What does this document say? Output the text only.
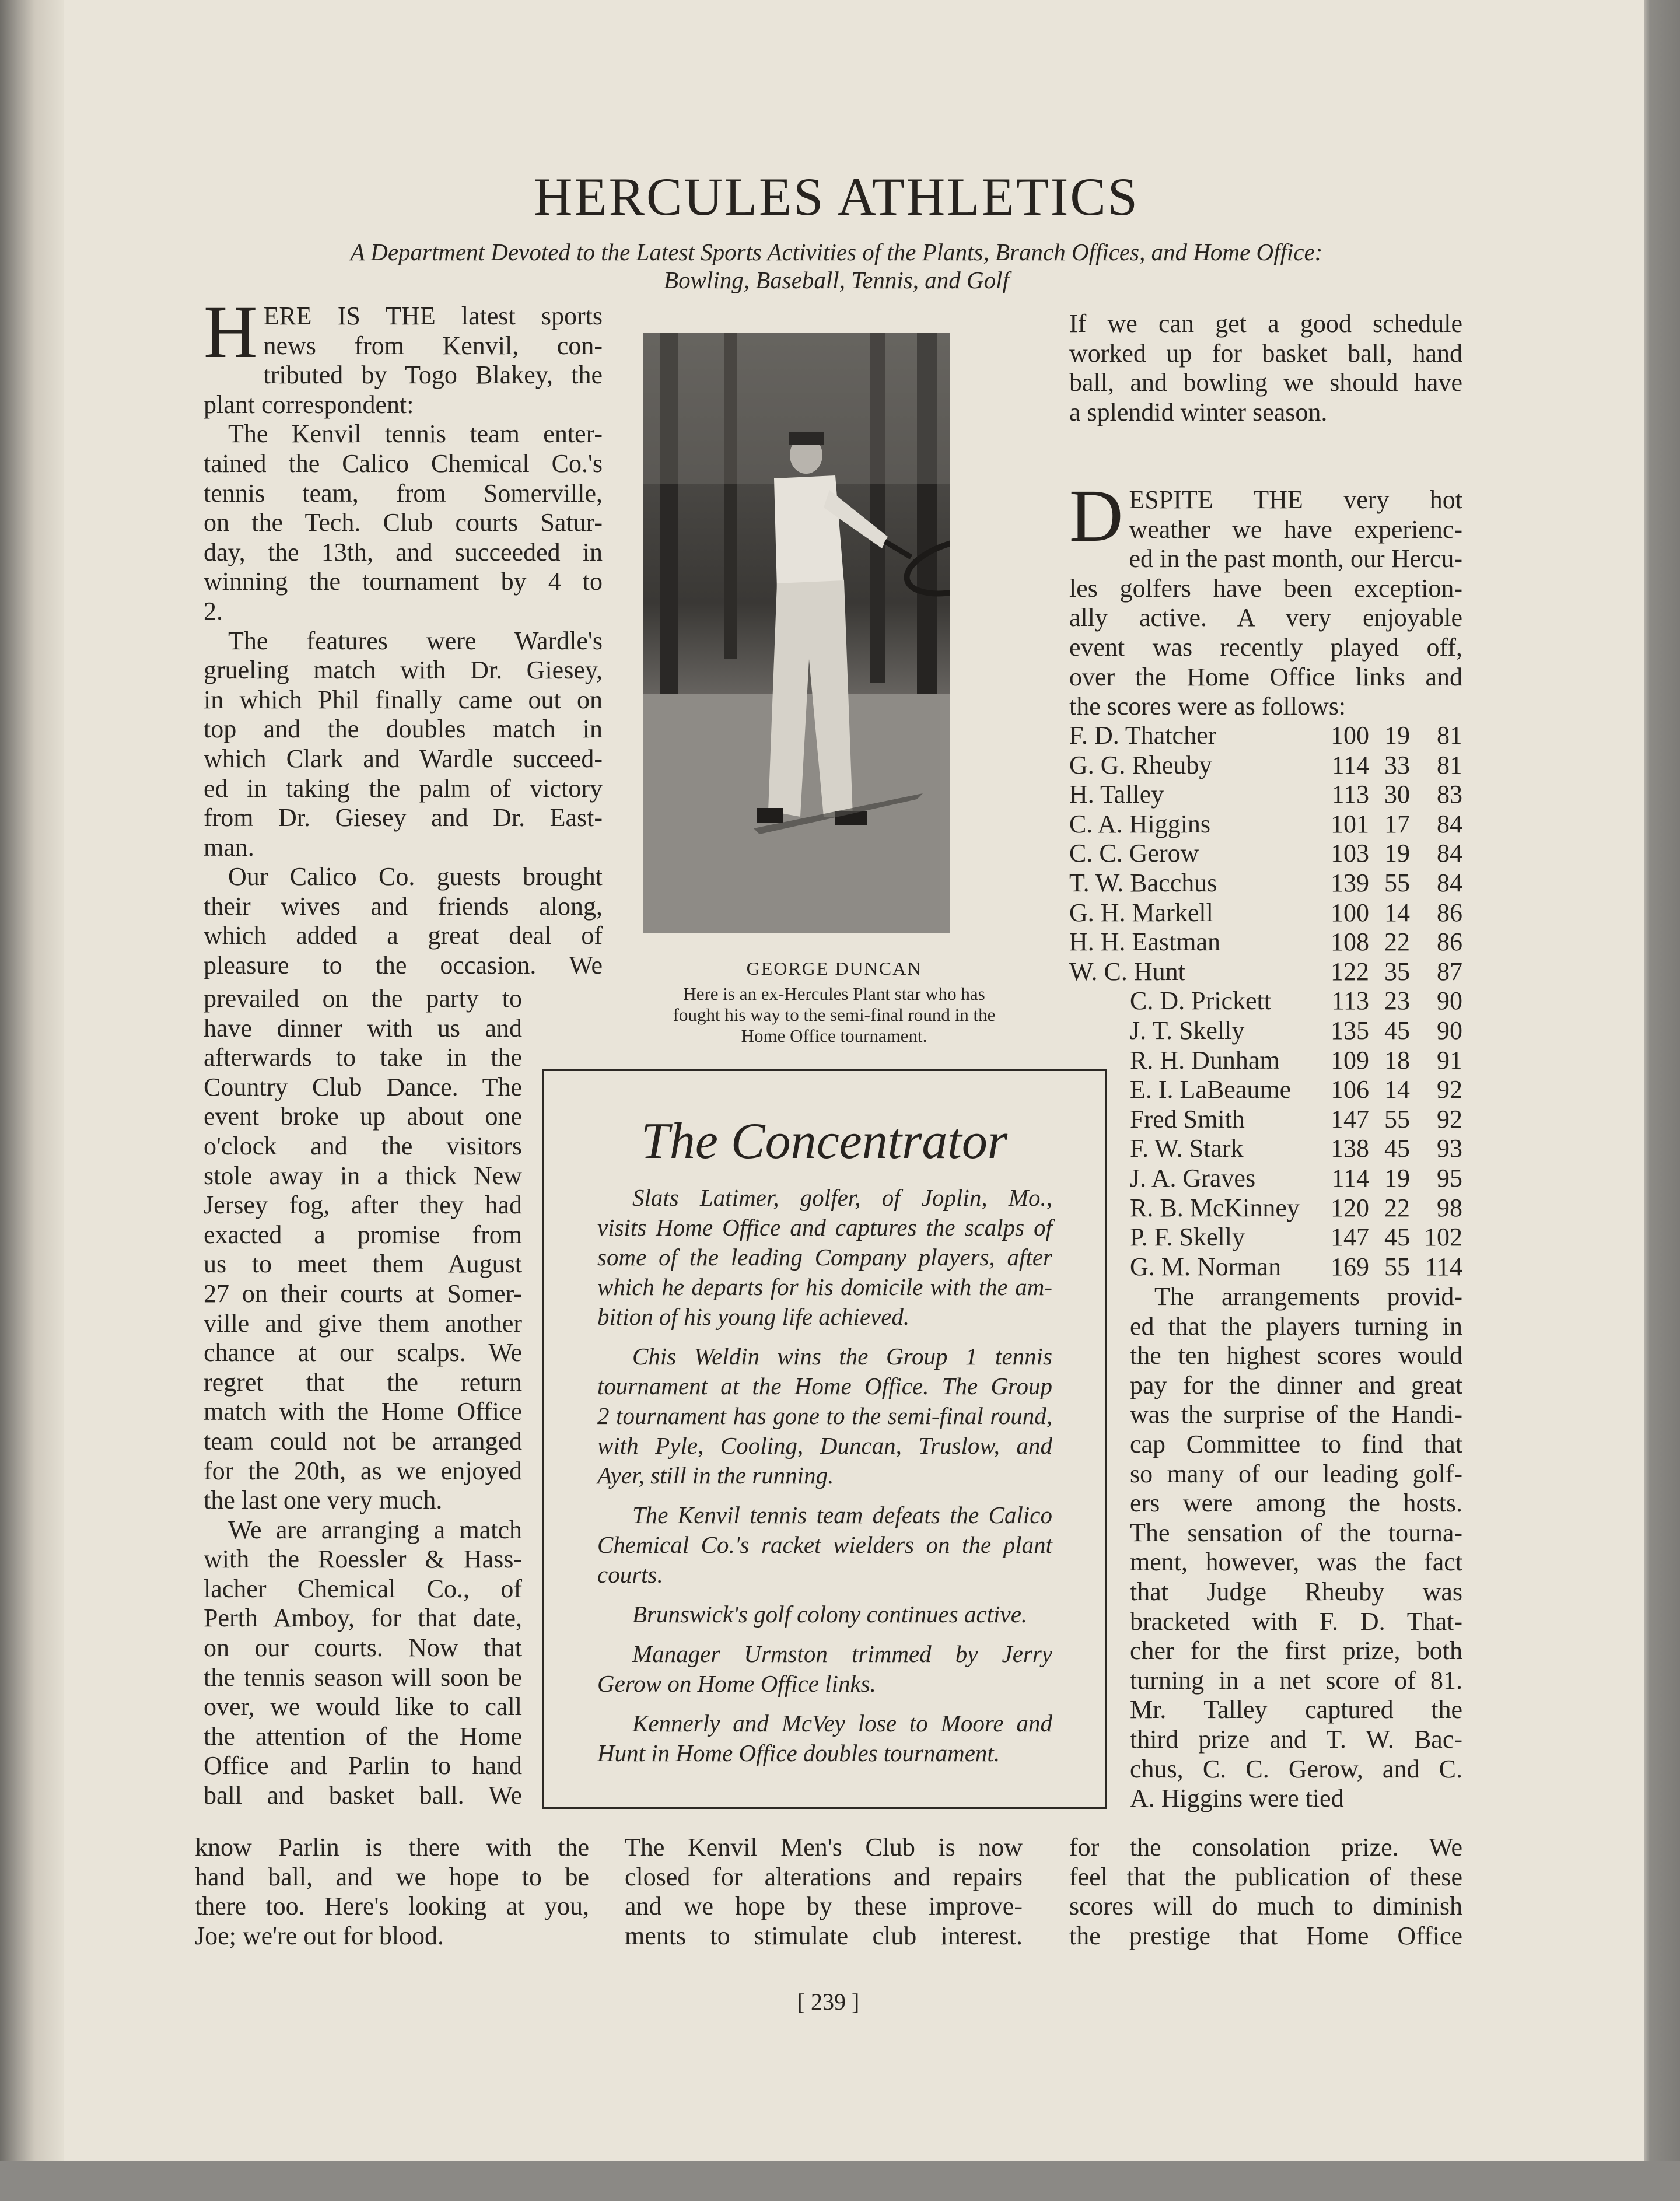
HERCULES ATHLETICS
A Department Devoted to the Latest Sports Activities of the Plants, Branch Offices, and Home Office:
Bowling, Baseball, Tennis, and Golf
H ERE IS THE latest sports
news from Kenvil, con-
tributed by Togo Blakey, the
plant correspondent:
The Kenvil tennis team enter-
tained the Calico Chemical Co.'s
tennis team, from Somerville,
on the Tech. Club courts Satur-
day, the 13th, and succeeded in
winning the tournament by 4 to
2.
The features were Wardle's
grueling match with Dr. Giesey,
in which Phil finally came out on
top and the doubles match in
which Clark and Wardle succeed-
ed in taking the palm of victory
from Dr. Giesey and Dr. East-
man.
Our Calico Co. guests brought
their wives and friends along,
which added a great deal of
pleasure to the occasion. We
prevailed on the party to
have dinner with us and
afterwards to take in the
Country Club Dance. The
event broke up about one
o'clock and the visitors
stole away in a thick New
Jersey fog, after they had
exacted a promise from
us to meet them August
27 on their courts at Somer-
ville and give them another
chance at our scalps. We
regret that the return
match with the Home Office
team could not be arranged
for the 20th, as we enjoyed
the last one very much.
We are arranging a match
with the Roessler & Hass-
lacher Chemical Co., of
Perth Amboy, for that date,
on our courts. Now that
the tennis season will soon be
over, we would like to call
the attention of the Home
Office and Parlin to hand
ball and basket ball. We
know Parlin is there with the
hand ball, and we hope to be
there too. Here's looking at you,
Joe; we're out for blood.
GEORGE DUNCAN
Here is an ex-Hercules Plant star who has
fought his way to the semi-final round in the
Home Office tournament.
The Concentrator
Slats Latimer, golfer, of Joplin, Mo.,
visits Home Office and captures the scalps of
some of the leading Company players, after
which he departs for his domicile with the am-
bition of his young life achieved.
Chis Weldin wins the Group 1 tennis
tournament at the Home Office. The Group
2 tournament has gone to the semi-final round,
with Pyle, Cooling, Duncan, Truslow, and
Ayer, still in the running.
The Kenvil tennis team defeats the Calico
Chemical Co.'s racket wielders on the plant
courts.
Brunswick's golf colony continues active.
Manager Urmston trimmed by Jerry
Gerow on Home Office links.
Kennerly and McVey lose to Moore and
Hunt in Home Office doubles tournament.
The Kenvil Men's Club is now
closed for alterations and repairs
and we hope by these improve-
ments to stimulate club interest.
If we can get a good schedule
worked up for basket ball, hand
ball, and bowling we should have
a splendid winter season.
D ESPITE THE very hot
weather we have experienc-
ed in the past month, our Hercu-
les golfers have been exception-
ally active. A very enjoyable
event was recently played off,
over the Home Office links and
the scores were as follows:
F. D. Thatcher	100 19	81
G. G. Rheuby	114 33	81
H. Talley	113 30	83
C. A. Higgins	101 17	84
C. C. Gerow	103 19	84
T. W. Bacchus	139 55	84
G. H. Markell	100 14	86
H. H. Eastman	108 22	86
W. C. Hunt	122 35	87
C. D. Prickett	113 23	90
J. T. Skelly	135 45	90
R. H. Dunham	109 18	91
E. I. LaBeaume	106 14	92
Fred Smith	147 55	92
F. W. Stark	138 45	93
J. A. Graves	114 19	95
R. B. McKinney	120 22	98
P. F. Skelly	147 45 102
G. M. Norman	169 55 114
The arrangements provid-
ed that the players turning in
the ten highest scores would
pay for the dinner and great
was the surprise of the Handi-
cap Committee to find that
so many of our leading golf-
ers were among the hosts.
The sensation of the tourna-
ment, however, was the fact
that Judge Rheuby was
bracketed with F. D. That-
cher for the first prize, both
turning in a net score of 81.
Mr. Talley captured the
third prize and T. W. Bac-
chus, C. C. Gerow, and C.
A. Higgins were tied
for the consolation prize. We
feel that the publication of these
scores will do much to diminish
the prestige that Home Office
[ 239 ]
